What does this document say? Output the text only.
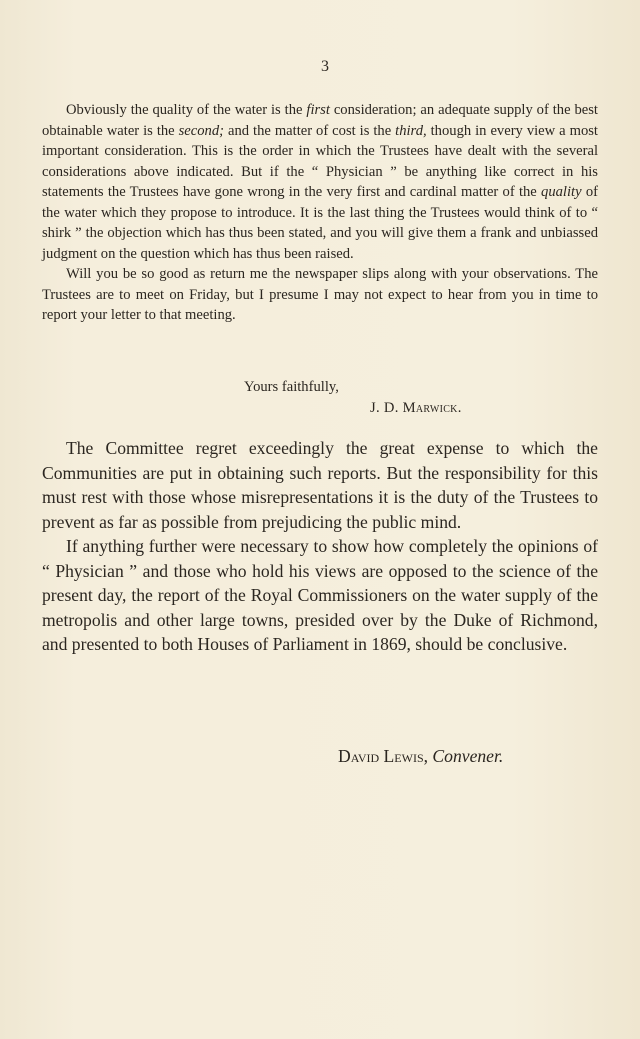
3

Obviously the quality of the water is the first consideration; an adequate supply of the best obtainable water is the second; and the matter of cost is the third, though in every view a most important consideration. This is the order in which the Trustees have dealt with the several considerations above indicated. But if the “ Physician ” be anything like correct in his statements the Trustees have gone wrong in the very first and cardinal matter of the quality of the water which they propose to introduce. It is the last thing the Trustees would think of to “ shirk ” the objection which has thus been stated, and you will give them a frank and unbiassed judgment on the question which has thus been raised.

Will you be so good as return me the newspaper slips along with your observations. The Trustees are to meet on Friday, but I presume I may not expect to hear from you in time to report your letter to that meeting.

Yours faithfully,
J. D. Marwick.

The Committee regret exceedingly the great expense to which the Communities are put in obtaining such reports. But the responsibility for this must rest with those whose misrepresentations it is the duty of the Trustees to prevent as far as possible from prejudicing the public mind.

If anything further were necessary to show how completely the opinions of “ Physician ” and those who hold his views are opposed to the science of the present day, the report of the Royal Commissioners on the water supply of the metropolis and other large towns, presided over by the Duke of Richmond, and presented to both Houses of Parliament in 1869, should be conclusive.

David Lewis, Convener.
